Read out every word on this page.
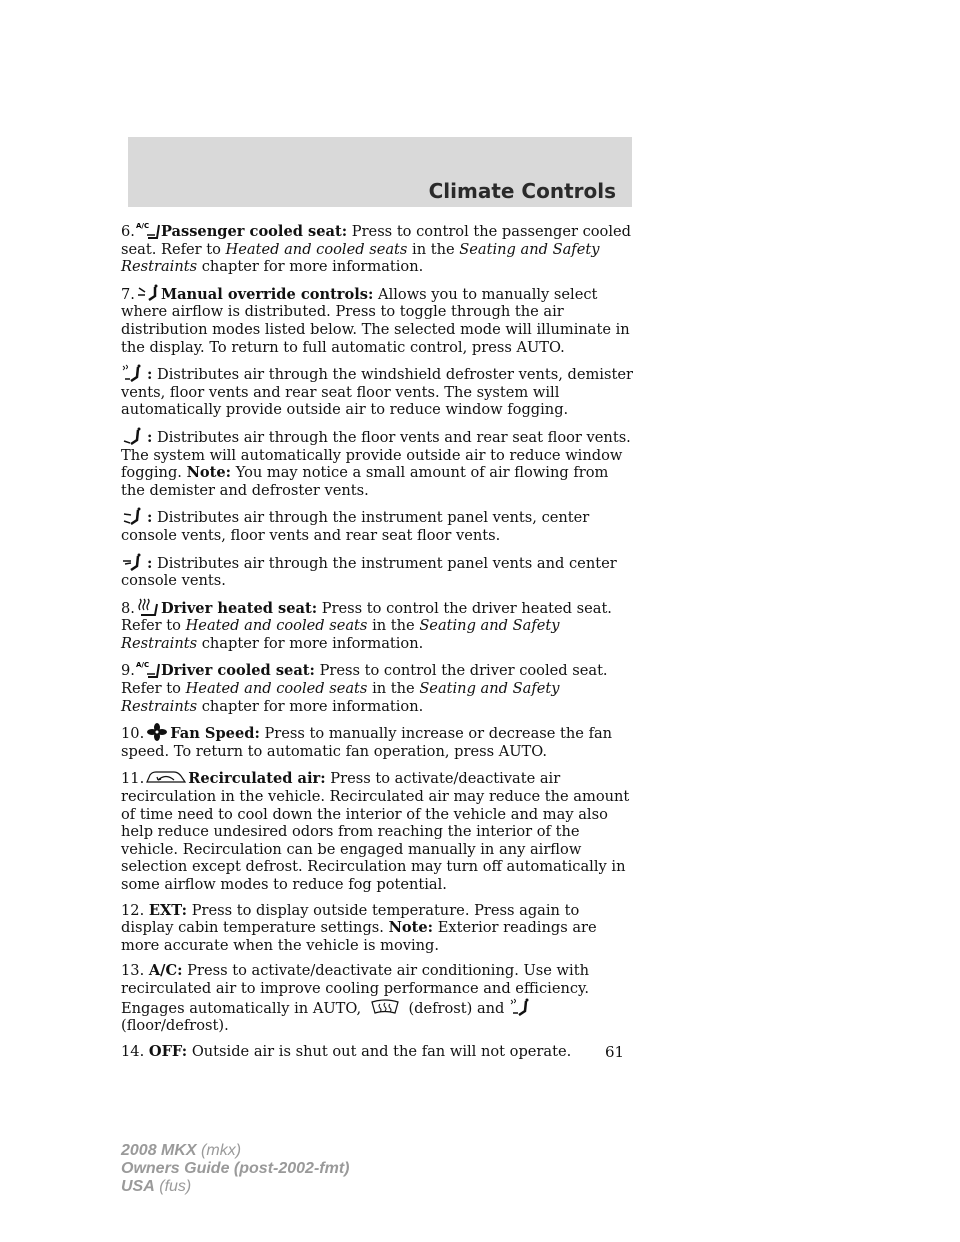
Climate Controls

6. A/C Passenger cooled seat: Press to control the passenger cooled seat. Refer to Heated and cooled seats in the Seating and Safety Restraints chapter for more information.

7. Manual override controls: Allows you to manually select where airflow is distributed. Press to toggle through the air distribution modes listed below. The selected mode will illuminate in the display. To return to full automatic control, press AUTO.

: Distributes air through the windshield defroster vents, demister vents, floor vents and rear seat floor vents. The system will automatically provide outside air to reduce window fogging.

: Distributes air through the floor vents and rear seat floor vents. The system will automatically provide outside air to reduce window fogging. Note: You may notice a small amount of air flowing from the demister and defroster vents.

: Distributes air through the instrument panel vents, center console vents, floor vents and rear seat floor vents.

: Distributes air through the instrument panel vents and center console vents.

8. Driver heated seat: Press to control the driver heated seat. Refer to Heated and cooled seats in the Seating and Safety Restraints chapter for more information.

9. A/C Driver cooled seat: Press to control the driver cooled seat. Refer to Heated and cooled seats in the Seating and Safety Restraints chapter for more information.

10. Fan Speed: Press to manually increase or decrease the fan speed. To return to automatic fan operation, press AUTO.

11.	Recirculated air: Press to activate/deactivate air recirculation in the vehicle. Recirculated air may reduce the amount of time need to cool down the interior of the vehicle and may also help reduce undesired odors from reaching the interior of the vehicle. Recirculation can be engaged manually in any airflow selection except defrost. Recirculation may turn off automatically in some airflow modes to reduce fog potential.

12. EXT: Press to display outside temperature. Press again to display cabin temperature settings. Note: Exterior readings are more accurate when the vehicle is moving.

13. A/C: Press to activate/deactivate air conditioning. Use with recirculated air to improve cooling performance and efficiency. Engages automatically in AUTO,	(defrost) and
(floor/defrost).

14. OFF: Outside air is shut out and the fan will not operate.	61
2008 MKX (mkx)
Owners Guide (post-2002-fmt)
USA (fus)
